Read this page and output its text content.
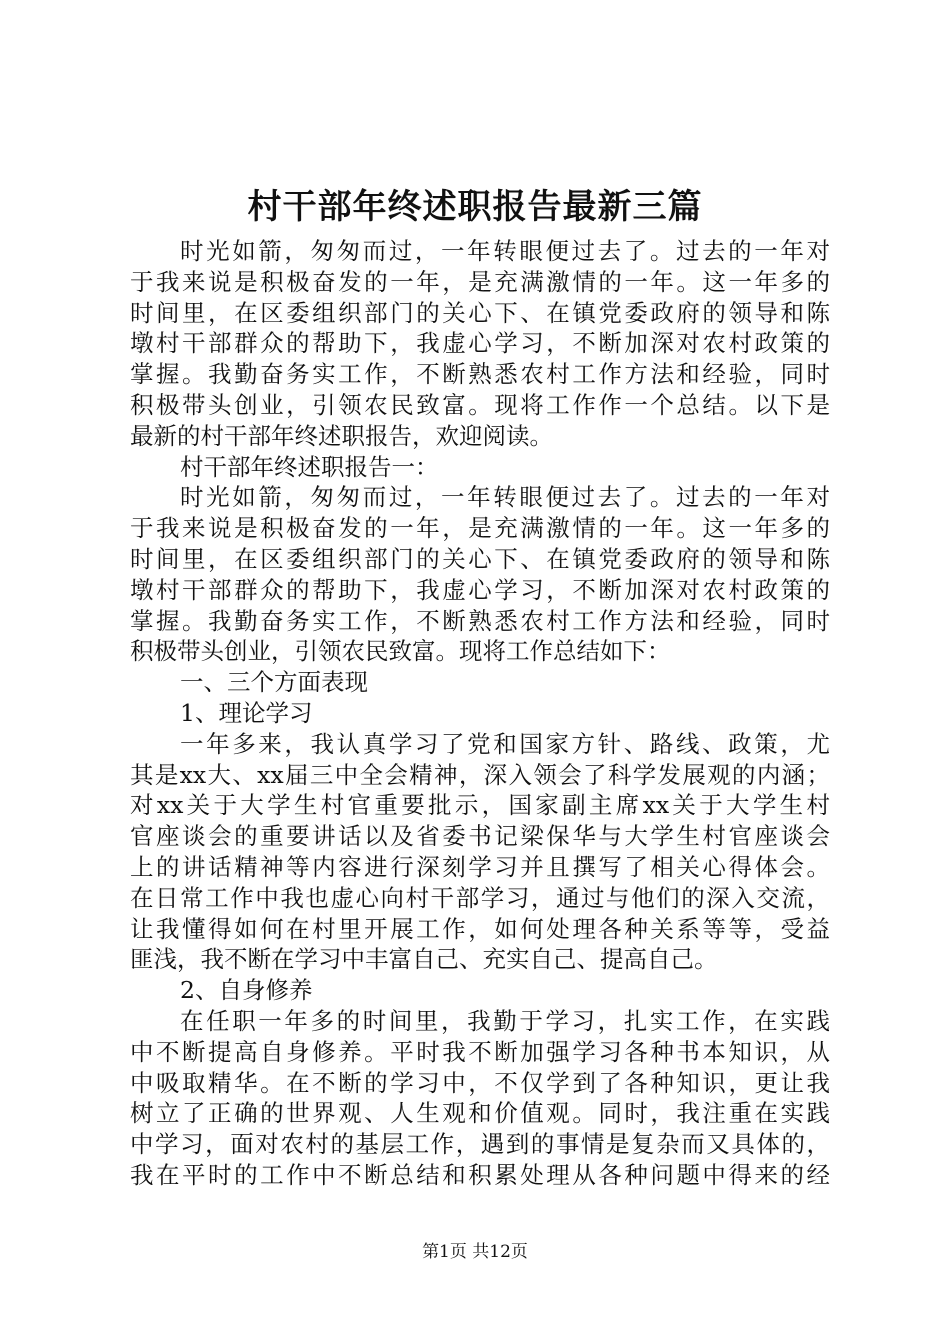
村干部年终述职报告最新三篇
时光如箭，匆匆而过，一年转眼便过去了。过去的一年对
于我来说是积极奋发的一年，是充满激情的一年。这一年多的
时间里，在区委组织部门的关心下、在镇党委政府的领导和陈
墩村干部群众的帮助下，我虚心学习，不断加深对农村政策的
掌握。我勤奋务实工作，不断熟悉农村工作方法和经验，同时
积极带头创业，引领农民致富。现将工作作一个总结。以下是
最新的村干部年终述职报告，欢迎阅读。
村干部年终述职报告一：
时光如箭，匆匆而过，一年转眼便过去了。过去的一年对
于我来说是积极奋发的一年，是充满激情的一年。这一年多的
时间里，在区委组织部门的关心下、在镇党委政府的领导和陈
墩村干部群众的帮助下，我虚心学习，不断加深对农村政策的
掌握。我勤奋务实工作，不断熟悉农村工作方法和经验，同时
积极带头创业，引领农民致富。现将工作总结如下：
一、三个方面表现
1、理论学习
一年多来，我认真学习了党和国家方针、路线、政策，尤
其是xx大、xx届三中全会精神，深入领会了科学发展观的内涵；
对xx关于大学生村官重要批示，国家副主席xx关于大学生村
官座谈会的重要讲话以及省委书记梁保华与大学生村官座谈会
上的讲话精神等内容进行深刻学习并且撰写了相关心得体会。
在日常工作中我也虚心向村干部学习，通过与他们的深入交流，
让我懂得如何在村里开展工作，如何处理各种关系等等，受益
匪浅，我不断在学习中丰富自己、充实自己、提高自己。
2、自身修养
在任职一年多的时间里，我勤于学习，扎实工作，在实践
中不断提高自身修养。平时我不断加强学习各种书本知识，从
中吸取精华。在不断的学习中，不仅学到了各种知识，更让我
树立了正确的世界观、人生观和价值观。同时，我注重在实践
中学习，面对农村的基层工作，遇到的事情是复杂而又具体的，
我在平时的工作中不断总结和积累处理从各种问题中得来的经
第1页 共12页
